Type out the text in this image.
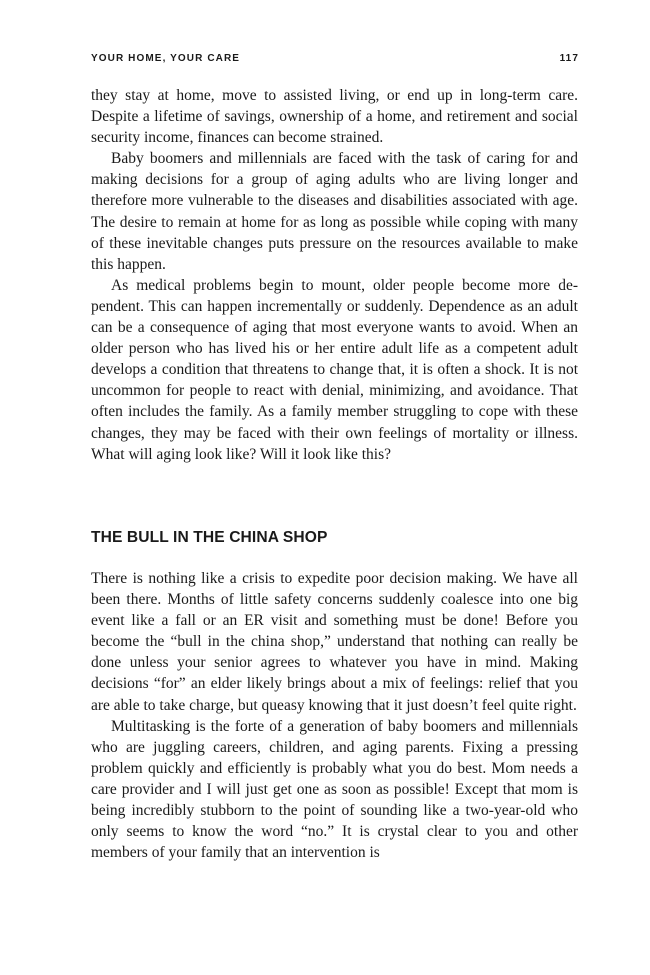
YOUR HOME, YOUR CARE	117

they stay at home, move to assisted living, or end up in long-term care. Despite a lifetime of savings, ownership of a home, and retirement and social security income, finances can become strained.

Baby boomers and millennials are faced with the task of caring for and making decisions for a group of aging adults who are living longer and therefore more vulnerable to the diseases and disabilities associated with age. The desire to remain at home for as long as possible while coping with many of these inevitable changes puts pressure on the resources available to make this happen.

As medical problems begin to mount, older people become more dependent. This can happen incrementally or suddenly. Dependence as an adult can be a consequence of aging that most everyone wants to avoid. When an older person who has lived his or her entire adult life as a competent adult develops a condition that threatens to change that, it is often a shock. It is not uncommon for people to react with denial, minimizing, and avoidance. That often includes the family. As a family member struggling to cope with these changes, they may be faced with their own feelings of mortality or illness. What will aging look like? Will it look like this?

THE BULL IN THE CHINA SHOP

There is nothing like a crisis to expedite poor decision making. We have all been there. Months of little safety concerns suddenly coalesce into one big event like a fall or an ER visit and something must be done! Before you become the “bull in the china shop,” understand that nothing can really be done unless your senior agrees to whatever you have in mind. Making decisions “for” an elder likely brings about a mix of feelings: relief that you are able to take charge, but queasy knowing that it just doesn’t feel quite right.

Multitasking is the forte of a generation of baby boomers and millennials who are juggling careers, children, and aging parents. Fixing a pressing problem quickly and efficiently is probably what you do best. Mom needs a care provider and I will just get one as soon as possible! Except that mom is being incredibly stubborn to the point of sounding like a two-year-old who only seems to know the word “no.” It is crystal clear to you and other members of your family that an intervention is
